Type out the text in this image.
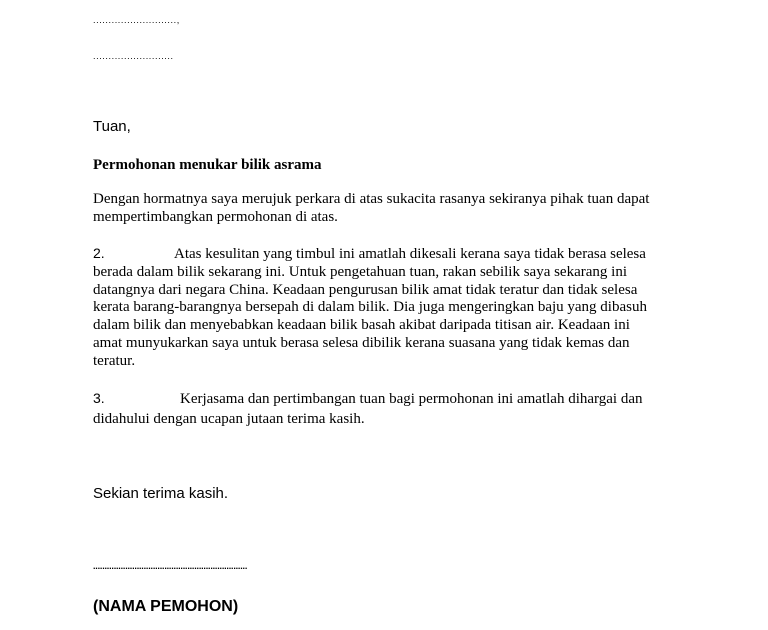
...........................,

..........................

Tuan,

Permohonan menukar bilik asrama

Dengan hormatnya saya merujuk perkara di atas sukacita rasanya sekiranya pihak tuan dapat
mempertimbangkan permohonan di atas.
2.	Atas kesulitan yang timbul ini amatlah dikesali kerana saya tidak berasa selesa
berada dalam bilik sekarang ini. Untuk pengetahuan tuan, rakan sebilik saya sekarang ini
datangnya dari negara China. Keadaan pengurusan bilik amat tidak teratur dan tidak selesa
kerata barang-barangnya bersepah di dalam bilik. Dia juga mengeringkan baju yang dibasuh
dalam bilik dan menyebabkan keadaan bilik basah akibat daripada titisan air. Keadaan ini
amat munyukarkan saya untuk berasa selesa dibilik kerana suasana yang tidak kemas dan
teratur.
3.	Kerjasama dan pertimbangan tuan bagi permohonan ini amatlah dihargai dan
didahului dengan ucapan jutaan terima kasih.

Sekian terima kasih.

...................................................................

(NAMA PEMOHON)
